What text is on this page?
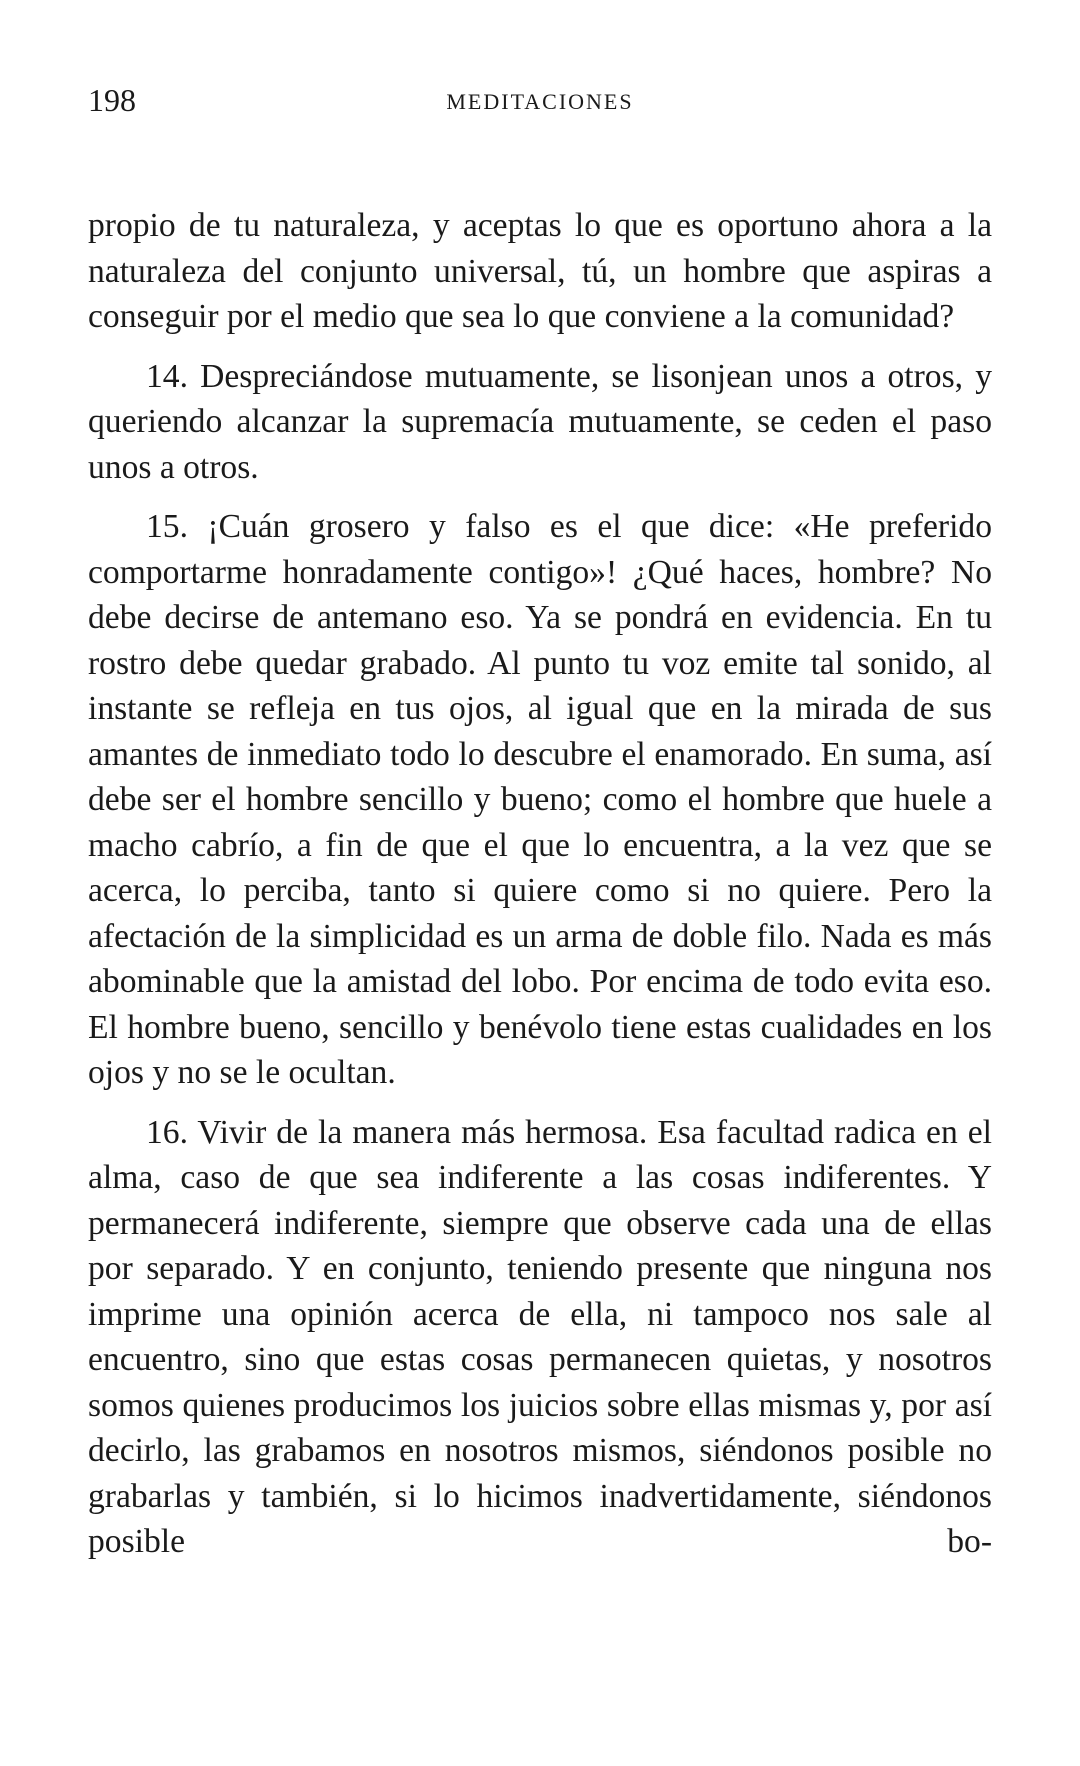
198	MEDITACIONES

propio de tu naturaleza, y aceptas lo que es oportuno ahora a la naturaleza del conjunto universal, tú, un hombre que aspiras a conseguir por el medio que sea lo que conviene a la comunidad?

14. Despreciándose mutuamente, se lisonjean unos a otros, y queriendo alcanzar la supremacía mutuamente, se ceden el paso unos a otros.

15. ¡Cuán grosero y falso es el que dice: «He preferido comportarme honradamente contigo»! ¿Qué haces, hombre? No debe decirse de antemano eso. Ya se pondrá en evidencia. En tu rostro debe quedar grabado. Al punto tu voz emite tal sonido, al instante se refleja en tus ojos, al igual que en la mirada de sus amantes de inmediato todo lo descubre el enamorado. En suma, así debe ser el hombre sencillo y bueno; como el hombre que huele a macho cabrío, a fin de que el que lo encuentra, a la vez que se acerca, lo perciba, tanto si quiere como si no quiere. Pero la afectación de la simplicidad es un arma de doble filo. Nada es más abominable que la amistad del lobo. Por encima de todo evita eso. El hombre bueno, sencillo y benévolo tiene estas cualidades en los ojos y no se le ocultan.

16. Vivir de la manera más hermosa. Esa facultad radica en el alma, caso de que sea indiferente a las cosas indiferentes. Y permanecerá indiferente, siempre que observe cada una de ellas por separado. Y en conjunto, teniendo presente que ninguna nos imprime una opinión acerca de ella, ni tampoco nos sale al encuentro, sino que estas cosas permanecen quietas, y nosotros somos quienes producimos los juicios sobre ellas mismas y, por así decirlo, las grabamos en nosotros mismos, siéndonos posible no grabarlas y también, si lo hicimos inadvertidamente, siéndonos posible bo-
